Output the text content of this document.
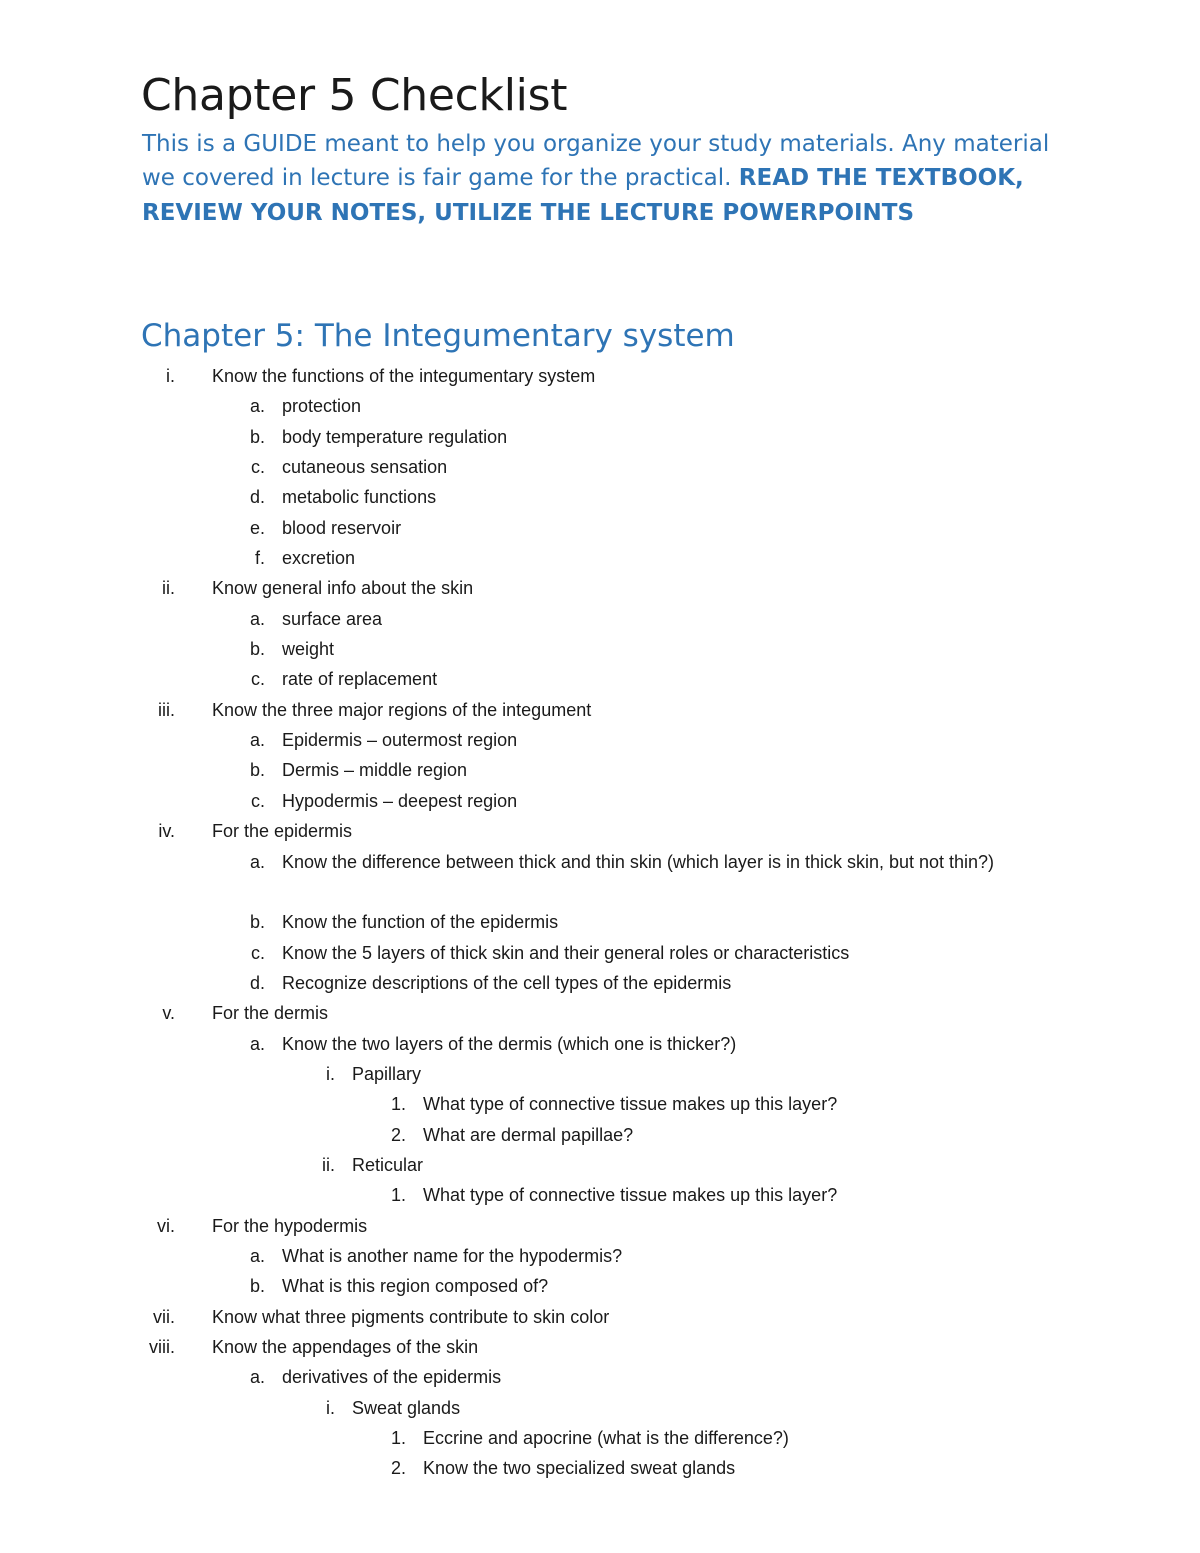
Chapter 5 Checklist

This is a GUIDE meant to help you organize your study materials. Any material we covered in lecture is fair game for the practical. READ THE TEXTBOOK, REVIEW YOUR NOTES, UTILIZE THE LECTURE POWERPOINTS

Chapter 5: The Integumentary system
i. Know the functions of the integumentary system
a. protection
b. body temperature regulation
c. cutaneous sensation
d. metabolic functions
e. blood reservoir
f. excretion
ii. Know general info about the skin
a. surface area
b. weight
c. rate of replacement
iii. Know the three major regions of the integument
a. Epidermis – outermost region
b. Dermis – middle region
c. Hypodermis – deepest region
iv. For the epidermis
a. Know the difference between thick and thin skin (which layer is in thick skin, but not thin?)
b. Know the function of the epidermis
c. Know the 5 layers of thick skin and their general roles or characteristics
d. Recognize descriptions of the cell types of the epidermis
v. For the dermis
a. Know the two layers of the dermis (which one is thicker?)
i. Papillary
1. What type of connective tissue makes up this layer?
2. What are dermal papillae?
ii. Reticular
1. What type of connective tissue makes up this layer?
vi. For the hypodermis
a. What is another name for the hypodermis?
b. What is this region composed of?
vii. Know what three pigments contribute to skin color
viii. Know the appendages of the skin
a. derivatives of the epidermis
i. Sweat glands
1. Eccrine and apocrine (what is the difference?)
2. Know the two specialized sweat glands
